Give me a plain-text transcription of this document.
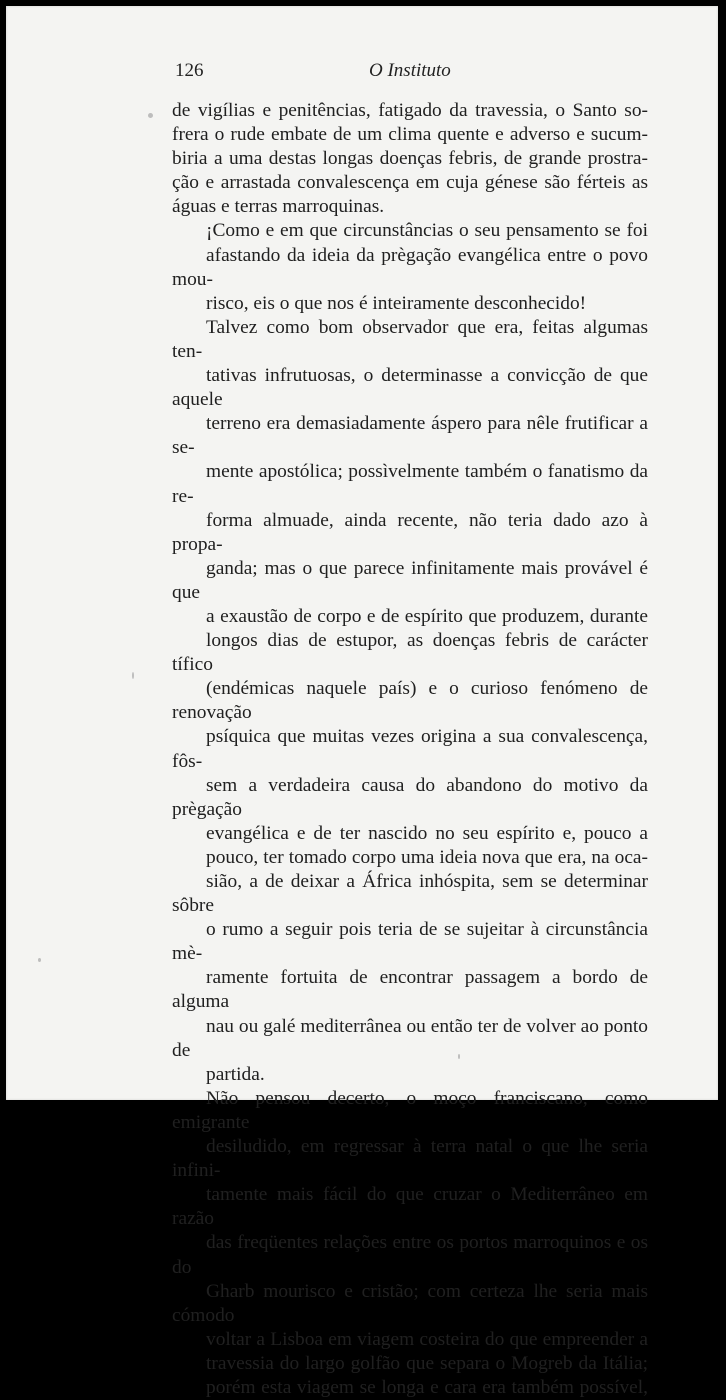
126	O Instituto

de vigílias e penitências, fatigado da travessia, o Santo so-
frera o rude embate de um clima quente e adverso e sucum-
biria a uma destas longas doenças febris, de grande prostra-
ção e arrastada convalescença em cuja génese são férteis as
águas e terras marroquinas.

¡Como e em que circunstâncias o seu pensamento se foi
afastando da ideia da prègação evangélica entre o povo mou-
risco, eis o que nos é inteiramente desconhecido!

Talvez como bom observador que era, feitas algumas ten-
tativas infrutuosas, o determinasse a convicção de que aquele
terreno era demasiadamente áspero para nêle frutificar a se-
mente apostólica; possìvelmente também o fanatismo da re-
forma almuade, ainda recente, não teria dado azo à propa-
ganda; mas o que parece infinitamente mais provável é que
a exaustão de corpo e de espírito que produzem, durante
longos dias de estupor, as doenças febris de carácter tífico
(endémicas naquele país) e o curioso fenómeno de renovação
psíquica que muitas vezes origina a sua convalescença, fôs-
sem a verdadeira causa do abandono do motivo da prègação
evangélica e de ter nascido no seu espírito e, pouco a
pouco, ter tomado corpo uma ideia nova que era, na oca-
sião, a de deixar a África inhóspita, sem se determinar sôbre
o rumo a seguir pois teria de se sujeitar à circunstância mè-
ramente fortuita de encontrar passagem a bordo de alguma
nau ou galé mediterrânea ou então ter de volver ao ponto de
partida.

Não pensou decerto, o moço franciscano, como emigrante
desiludido, em regressar à terra natal o que lhe seria infini-
tamente mais fácil do que cruzar o Mediterrâneo em razão
das freqüentes relações entre os portos marroquinos e os do
Gharb mourisco e cristão; com certeza lhe seria mais cómodo
voltar a Lisboa em viagem costeira do que empreender a
travessia do largo golfão que separa o Mogreb da Itália;
porém esta viagem se longa e cara era também possível,
